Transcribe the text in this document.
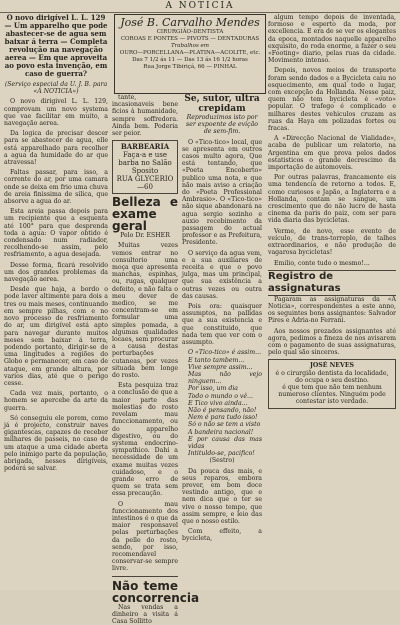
A NOTICIA

O novo dirigível L. L. 129 — Um apparelho que pode abastecer-se de agua sem baixar á terra — Completa revolução na navegação aerea — Em que aproveita ao povo esta invenção, em caso de guerra?

(Serviço especial da U. J. B. para «A NOTICIA»)

O novo dirigivel L. L. 129, comprovam um novo systema que vae facilitar em muito, a navegação aerea.

Da logica de precisar descer para se abastecer de agua, elle está apparelhado para recolher a agua da humidade do ar que atravessa!

Faltas passar, para isso, a corrente do ar, por uma camara onde se deixa em frio uma chuva de areia finissima de silica, que absorve a agua do ar.

Esta areia passa depois para um recipiente que a esquenta até 100° para que desprenda toda a agua: O vapor obtido é condensado num radiador, recolhendo-se assim, pelo resfriamento, a agua desejada.

Desse forma, ficará resolvido um dos grandes problemas da navegação aerea.

Desde que haja, a bordo o pode laver altimente para dois a tres ou mais meses, continuando em sempre pilhas, com e no novo processo de resfriamento do ar, um dirigível está apto para navegar durante muitos meses sem baixar á terra, podendo portanto, dirigir-se de uma lingitudes a regiões do Globo e permanecer, em caso de ataque, em grande altura, por varios dias, até que o perigo cesse.

Cada vez mais, portanto, o homem se apercebe da arte da guerra.

Só conseguiu ele porem, como já é projecto, construir naves gigantescas, capazes de receber milhares de passeis, no caso de um ataque a uma cidade aberta pelo inimigo parte da população, abrigada, nesses dirigíveis, poderá se salvar.

José B. Carvalho Mendes
CIRURGIÃO-DENTISTA
COROAS E PONTES — PIVOTS — DENTADURAS
Trabalhos em
OURO—PORCELLANA—PLATINA—ACOLITE, etc.
Das 7 1/2 ás 11 — Das 13 ás 16 1/2 horas
Rua Jorge Tibiriçá, 66 — PINHAL

tante, incasionaveis bene ficios à humanidade, sempre soffredora. Ainda bem. Poderia ser peior.

BARBEARIA
Faça-a e use barba no Salão Sposito
RUA GLYCERIO—60
Belleza e exame geral

Pelo Dr. ESHER

Muitas vezes vemos entrar no consultorio uma moça que apresenta manchas, espinhas, ou, rugas, qualquer defeito, e não falta o meu dever de medico, se me concentram-se em formular uma simples pomada, a algumas qualidades locaes, sem procurar a causa destas perturbações cutaneas, por vezes situada bem longe do rosto.

Esta pesquiza traz a conclusão de que a maior parte das molestias do rosto revelam mau funccionamento, ou do apparelho digestivo, ou do systema endocrino-sympathico. Dahi a necessidade de um exame muitas vezes cuidadoso, e o grande erro de quem se trata sem essa precaução.

O mau funccionamento dos intestinos é o que da maior responsavel pelas perturbações da pelle do rosto, sendo, por isso, recomendavel conservar-se sempre livre.

Não teme concorrencia

Nas vendas a dinheiro a visita á Casa Sollitto

Se, sutor, ultra crepidam

Reproduzimos isto por ser expoente de evição de sem-fim.

O «Tico-tico» local, que se apresenta em outros casos multo agora, Que está tentando, que «Poeta Encoberto» publico uma nota, e que não mais aviso a criação do «Poeta Professional Ambrasio». O «Tico-tico» não sique abandonará na agua sergio sozinho e auxio recebimento da passagem do actual professor e as Prefeitura, Presidente.

O serviço da agua vem, e a sua auxiliares de receita e que o povo julga, mas um principal, que sua existência a outras vezes ou outra das causas.

Pois ora: quaisquer assumptos, na pallidas que a sua existencia e que constituido, que nada tem que ver com o assumpto.

O «Tico-tico» é assim...
E tanto tambem...
Vive sempre assim...
Mas não vejo ninguem...
Por isso, um dia
Todo o mundo o vê...
E Tico vivo ainda...
Não é pensando, não!
Nem é para tudo isso!
Só o não se tem a visto
A bandeira nacional!
E por causa das mas vidas
Intituldo-se, pacifico!

(Sestro)

Da pouca das mais, e seus reparos, embora prever, em bom doce vestindo antigo, que e nem dica que o ter se vive o nosso tempo, que assim sempre, e leio das que o nosso estilo.

Com effeito, a bycicleta,

algum tempo depois de inventada, formoso e esperto da moda, por excellencia. E era de se ver os elegantes da epoca, montados naquelle apparelho exquisito, do roda enorme, a fazer o seu «Footing» diario, pelas ruas da cidade. Movimento intenso.

Depois, novos meios de transporte foram sendo dados e a Bycicleta caiu no esquecimento, em qual todo o lugar, com excepção da Hollanda. Nesse paiz, quem não tem bycicleta é «voto» popular. O trafego é complicado e milhares destes vehiculos cruzam as ruas da Haya em polizadas fortes ou fracas.

A «Direcção Nacional de Vialidade», acaba de publicar um relatorio, na Argentina em que prova pelos dados estatisticos o grande decrescimo da importação de automoveis.

Por outras palavras, francamente eis uma tendencia de retorno a todos. E, como curiosos e Japão, a Inglaterra e a Hollanda, contam se sangue, um crescimento que do não lucro de hasta cinema da paris do paiz, com ser para vida diaria das bycicletas.

Verme, de novo, esse evento de veículo, de trans-torreplo, de talhes extraordinarios, e não produção de vagarosa bycicletas!

Emilio, conte tudo o mesmo!...

Registro de assignaturas

Pagaram as assignaturas da «A Noticia», correspondentes a este anno, os seguintes bons assignantes: Salvador Pires e Adria-no Ferrani.

Aos nossos prezados assignantes até agora, pedimos a fineza de nos avisarem com o pagamento de suas assignaturas, pelo qual são sinceros.

JOSÉ NEVES
é o cirurgião dentista da localidade, do ocupa o seu destino.
é que tem que não tem nenhum numeroso clientes. Ninguém pode contestar isto verdade.
